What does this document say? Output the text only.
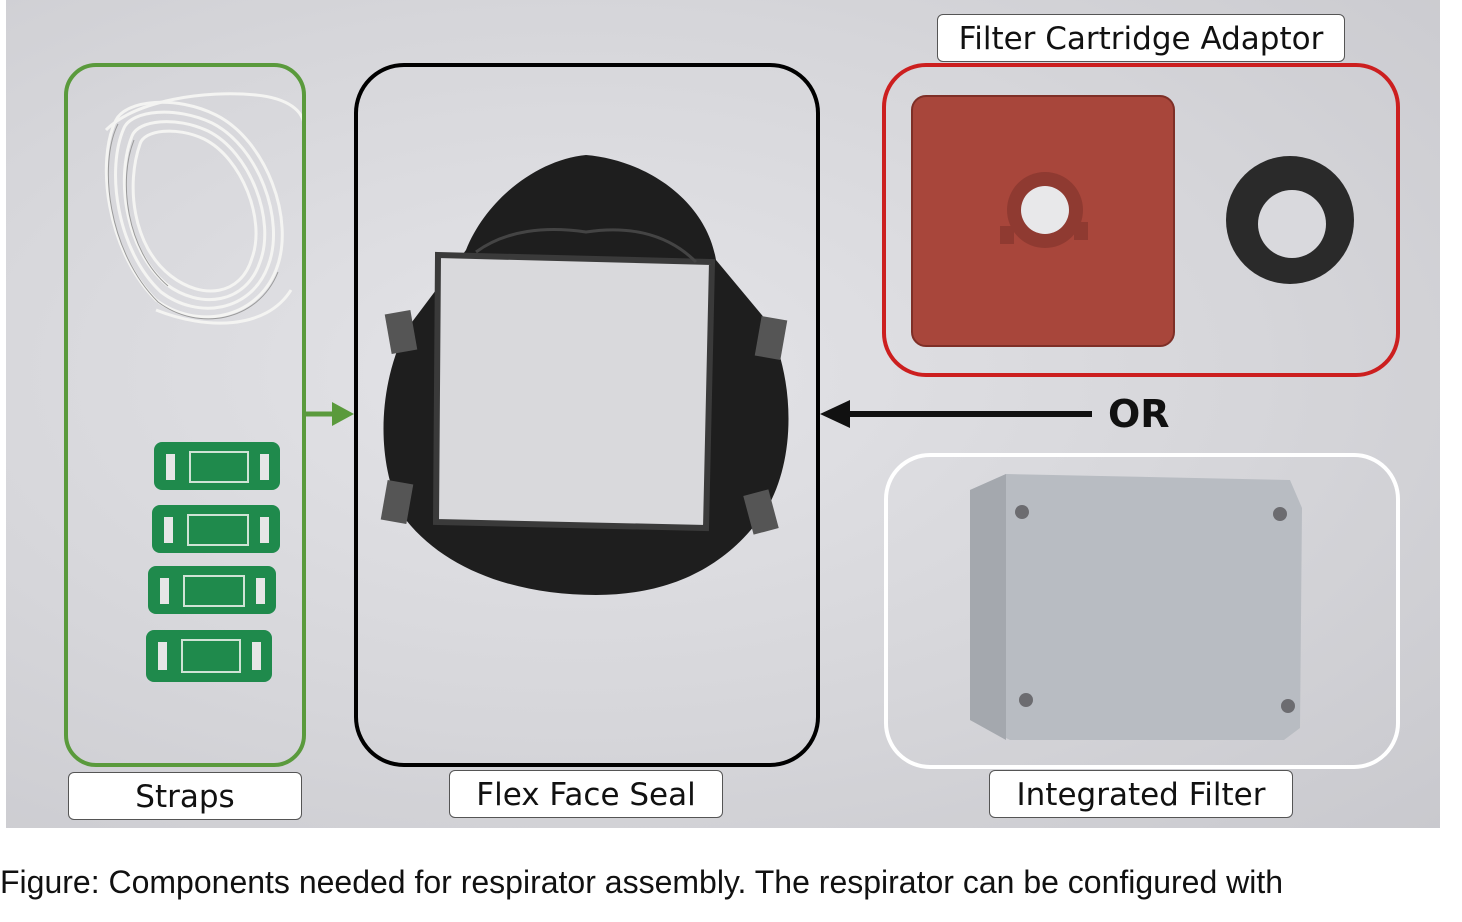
Straps	Flex Face Seal
Filter Cartridge Adaptor
Integrated Filter
OR
Figure: Components needed for respirator assembly. The respirator can be configured with
